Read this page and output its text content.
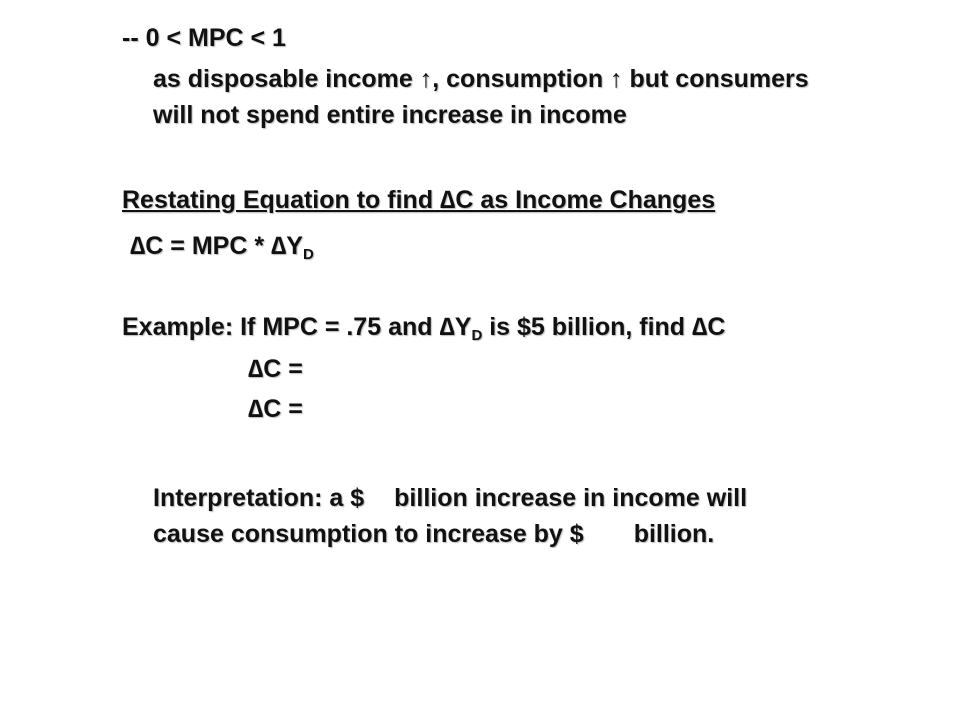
-- 0 < MPC < 1
as disposable income ↑, consumption ↑ but consumers
will not spend entire increase in income
Restating Equation to find ∆C as Income Changes
∆C = MPC * $\Delta Y_D$
Example: If MPC = .75 and $\Delta Y_D$ is $5 billion, find ∆C
∆C =
∆C =
Interpretation: a $ billion increase in income will
cause consumption to increase by $ billion.
